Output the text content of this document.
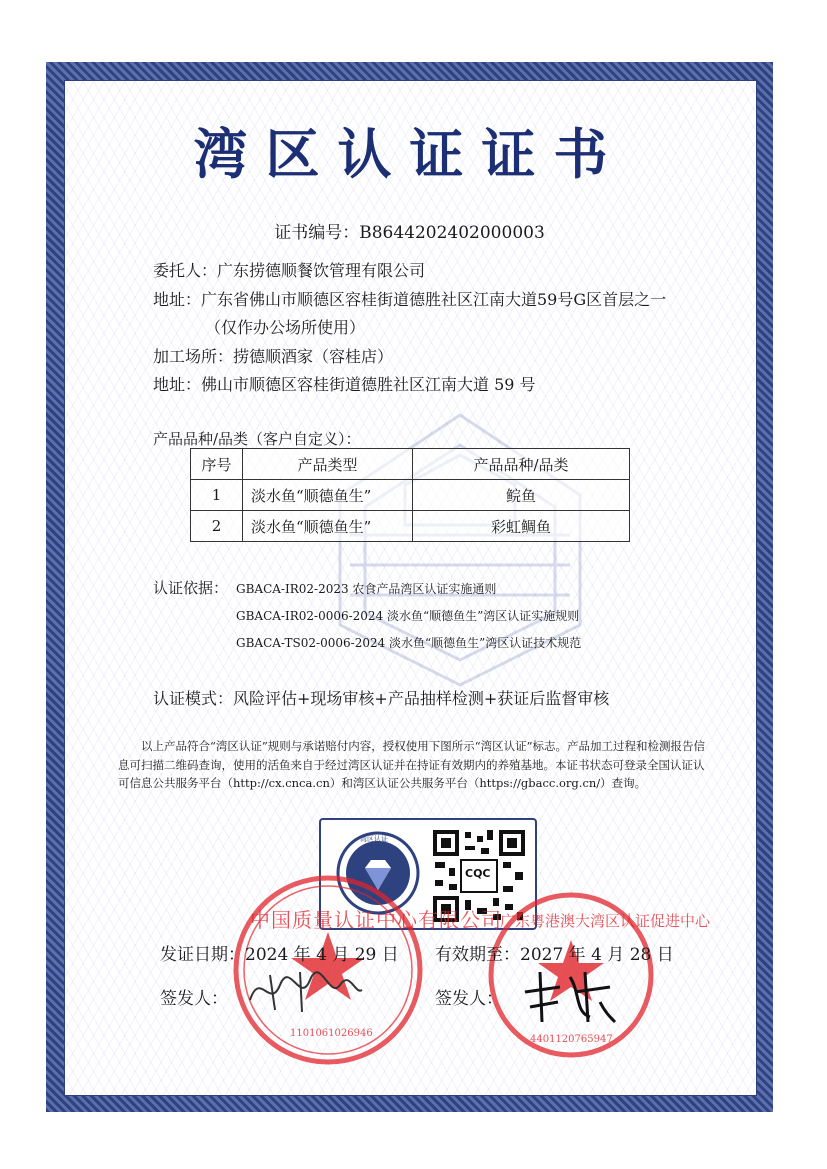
湾区认证证书
证书编号：B8644202402000003
委托人：广东捞德顺餐饮管理有限公司
地址：广东省佛山市顺德区容桂街道德胜社区江南大道59号G区首层之一
（仅作办公场所使用）
加工场所：捞德顺酒家（容桂店）
地址：佛山市顺德区容桂街道德胜社区江南大道 59 号
产品品种/品类（客户自定义）：
序号	产品类型	产品品种/品类
1	淡水鱼“顺德鱼生”	鲩鱼
2	淡水鱼“顺德鱼生”	彩虹鲷鱼
认证依据： GBACA-IR02-2023 农食产品湾区认证实施通则
GBACA-IR02-0006-2024 淡水鱼“顺德鱼生”湾区认证实施规则
GBACA-TS02-0006-2024 淡水鱼“顺德鱼生”湾区认证技术规范
认证模式：风险评估+现场审核+产品抽样检测+获证后监督审核
以上产品符合“湾区认证”规则与承诺赔付内容，授权使用下图所示“湾区认证”标志。产品加工过程和检测报告信息可扫描二维码查询，使用的活鱼来自于经过湾区认证并在持证有效期内的养殖基地。本证书状态可登录全国认证认可信息公共服务平台（http://cx.cnca.cn）和湾区认证公共服务平台（https://gbacc.org.cn/）查询。
湾区认证
CQC
中国质量认证中心有限公司
1101061026946
广东粤港澳大湾区认证促进中心
4401120765947
发证日期：2024 年 4 月 29 日 有效期至：2027 年 4 月 28 日
签发人：	签发人：
